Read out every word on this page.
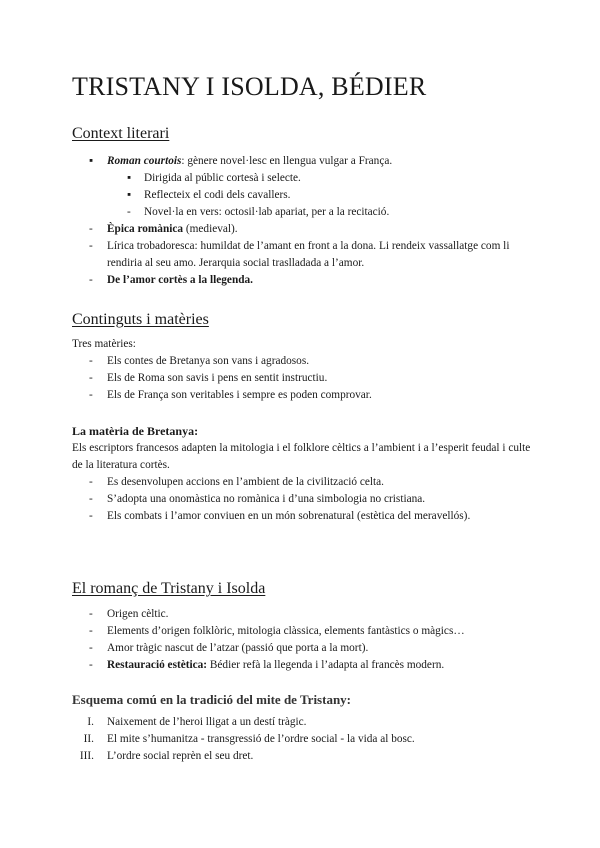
TRISTANY I ISOLDA, BÉDIER
Context literari
▪ Roman courtois: gènere novel·lesc en llengua vulgar a França.
▪ Dirigida al públic cortesà i selecte.
▪ Reflecteix el codi dels cavallers.
- Novel·la en vers: octosil·lab apariat, per a la recitació.
- Èpica romànica (medieval).
- Lírica trobadoresca: humildat de l’amant en front a la dona. Li rendeix vassallatge com li rendiria al seu amo. Jerarquia social traslladada a l’amor.
- De l’amor cortès a la llegenda.
Continguts i matèries
Tres matèries:
- Els contes de Bretanya son vans i agradosos.
- Els de Roma son savis i pens en sentit instructiu.
- Els de França son veritables i sempre es poden comprovar.
La matèria de Bretanya:
Els escriptors francesos adapten la mitologia i el folklore cèltics a l’ambient i a l’esperit feudal i culte de la literatura cortès.
- Es desenvolupen accions en l’ambient de la civilització celta.
- S’adopta una onomàstica no romànica i d’una simbologia no cristiana.
- Els combats i l’amor conviuen en un món sobrenatural (estètica del meravellós).
El romanç de Tristany i Isolda
- Origen cèltic.
- Elements d’origen folklòric, mitologia clàssica, elements fantàstics o màgics…
- Amor tràgic nascut de l’atzar (passió que porta a la mort).
- Restauració estètica: Bédier refà la llegenda i l’adapta al francès modern.
Esquema comú en la tradició del mite de Tristany:
I. Naixement de l’heroi lligat a un destí tràgic.
II. El mite s’humanitza - transgressió de l’ordre social - la vida al bosc.
III. L’ordre social reprèn el seu dret.
